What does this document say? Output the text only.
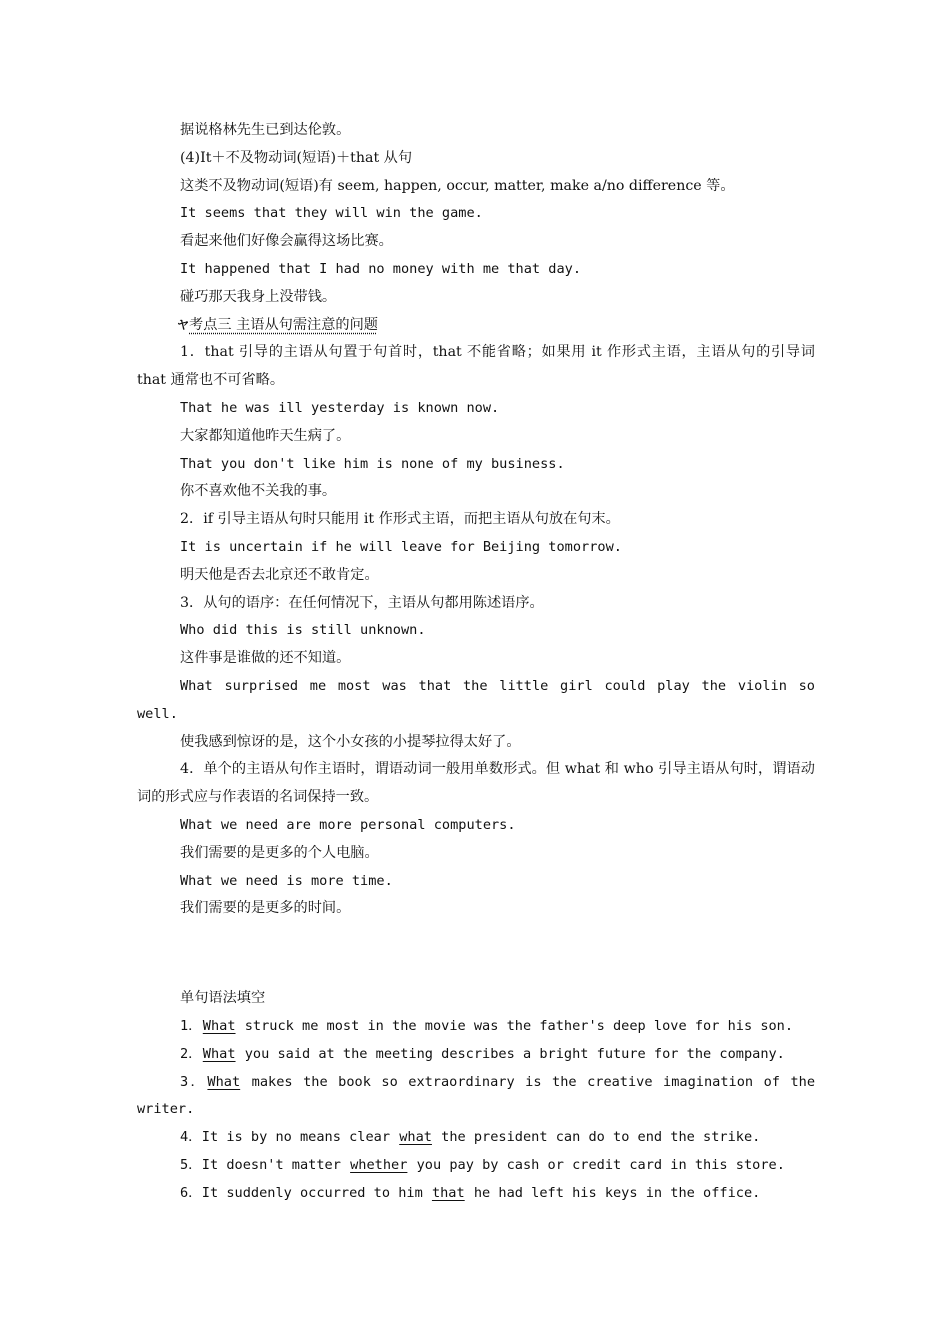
据说格林先生已到达伦敦。

(4)It＋不及物动词(短语)＋that 从句

这类不及物动词(短语)有 seem, happen, occur, matter, make a/no difference 等。

It seems that they will win the game.

看起来他们好像会赢得这场比赛。

It happened that I had no money with me that day.

碰巧那天我身上没带钱。

ヤ考点三 主语从句需注意的问题

1．that 引导的主语从句置于句首时，that 不能省略；如果用 it 作形式主语，主语从句的引导词 that 通常也不可省略。

That he was ill yesterday is known now.

大家都知道他昨天生病了。

That you don't like him is none of my business.

你不喜欢他不关我的事。

2．if 引导主语从句时只能用 it 作形式主语，而把主语从句放在句末。

It is uncertain if he will leave for Beijing tomorrow.

明天他是否去北京还不敢肯定。

3．从句的语序：在任何情况下，主语从句都用陈述语序。

Who did this is still unknown.

这件事是谁做的还不知道。

What surprised me most was that the little girl could play the violin so well.

使我感到惊讶的是，这个小女孩的小提琴拉得太好了。

4．单个的主语从句作主语时，谓语动词一般用单数形式。但 what 和 who 引导主语从句时，谓语动词的形式应与作表语的名词保持一致。

What we need are more personal computers.

我们需要的是更多的个人电脑。

What we need is more time.

我们需要的是更多的时间。

单句语法填空

1．What struck me most in the movie was the father's deep love for his son.

2．What you said at the meeting describes a bright future for the company.

3．What makes the book so extraordinary is the creative imagination of the writer.

4．It is by no means clear what the president can do to end the strike.

5．It doesn't matter whether you pay by cash or credit card in this store.

6．It suddenly occurred to him that he had left his keys in the office.
